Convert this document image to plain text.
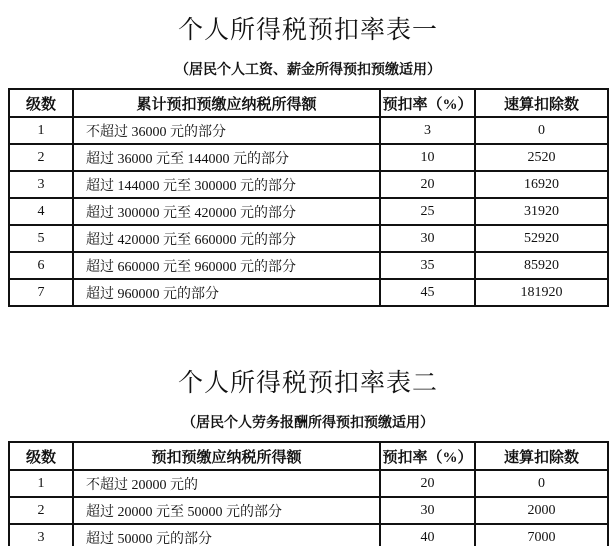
个人所得税预扣率表一
（居民个人工资、薪金所得预扣预缴适用）
级数	累计预扣预缴应纳税所得额	预扣率（%）	速算扣除数
1	不超过 36000 元的部分	3	0
2	超过 36000 元至 144000 元的部分	10	2520
3	超过 144000 元至 300000 元的部分	20	16920
4	超过 300000 元至 420000 元的部分	25	31920
5	超过 420000 元至 660000 元的部分	30	52920
6	超过 660000 元至 960000 元的部分	35	85920
7	超过 960000 元的部分	45	181920
个人所得税预扣率表二
（居民个人劳务报酬所得预扣预缴适用）
级数	预扣预缴应纳税所得额	预扣率（%）	速算扣除数
1	不超过 20000 元的	20	0
2	超过 20000 元至 50000 元的部分	30	2000
3	超过 50000 元的部分	40	7000
